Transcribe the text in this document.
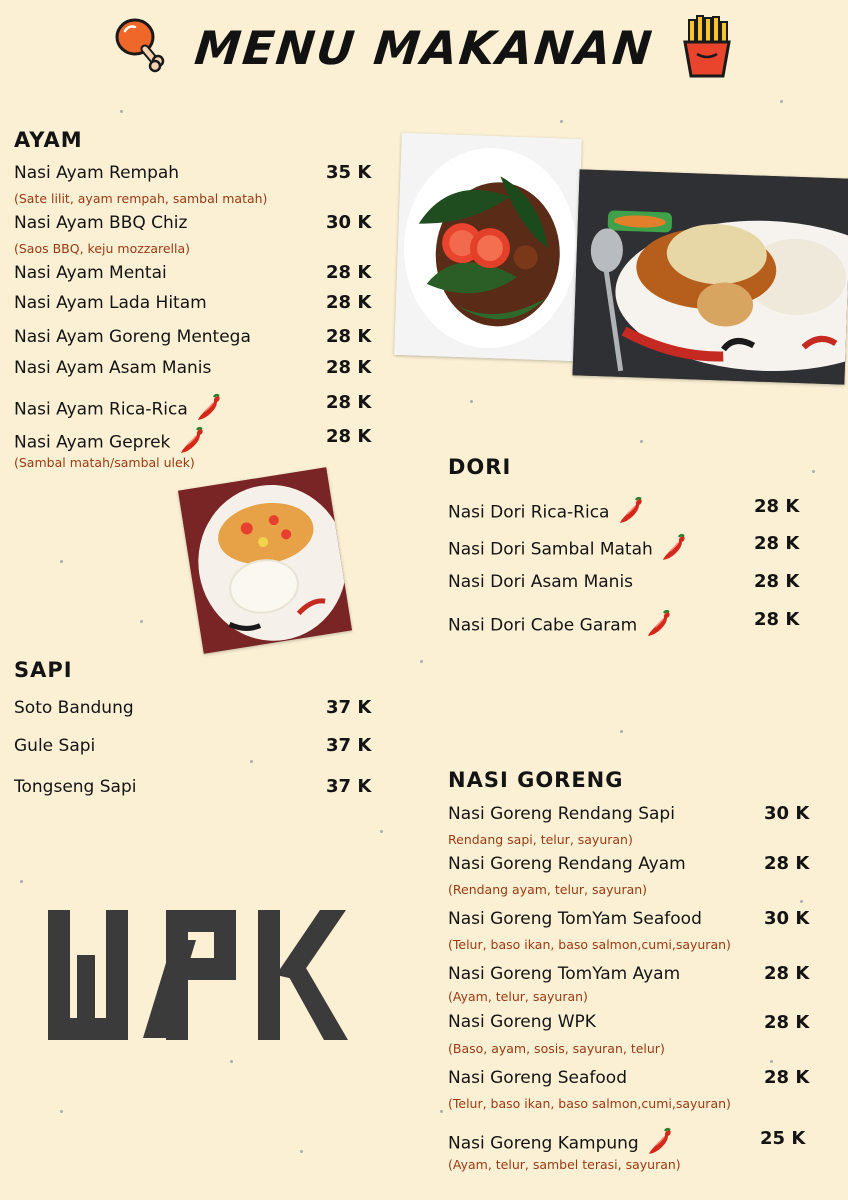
MENU MAKANAN
AYAM
Nasi Ayam Rempah	35 K
(Sate lilit, ayam rempah, sambal matah)
Nasi Ayam BBQ Chiz	30 K
(Saos BBQ, keju mozzarella)
Nasi Ayam Mentai	28 K
Nasi Ayam Lada Hitam	28 K
Nasi Ayam Goreng Mentega	28 K
Nasi Ayam Asam Manis	28 K
Nasi Ayam Rica-Rica	28 K
Nasi Ayam Geprek	28 K
(Sambal matah/sambal ulek)	DORI
Nasi Dori Rica-Rica	28 K
Nasi Dori Sambal Matah	28 K
Nasi Dori Asam Manis	28 K
Nasi Dori Cabe Garam	28 K
SAPI
Soto Bandung	37 K
Gule Sapi	37 K
Tongseng Sapi	37 K	NASI GORENG
Nasi Goreng Rendang Sapi	30 K
Rendang sapi, telur, sayuran)
Nasi Goreng Rendang Ayam	28 K
(Rendang ayam, telur, sayuran)
Nasi Goreng TomYam Seafood	30 K
(Telur, baso ikan, baso salmon,cumi,sayuran)
Nasi Goreng TomYam Ayam	28 K
(Ayam, telur, sayuran)
Nasi Goreng WPK	28 K
(Baso, ayam, sosis, sayuran, telur)
Nasi Goreng Seafood	28 K
(Telur, baso ikan, baso salmon,cumi,sayuran)
Nasi Goreng Kampung	25 K
(Ayam, telur, sambel terasi, sayuran)
